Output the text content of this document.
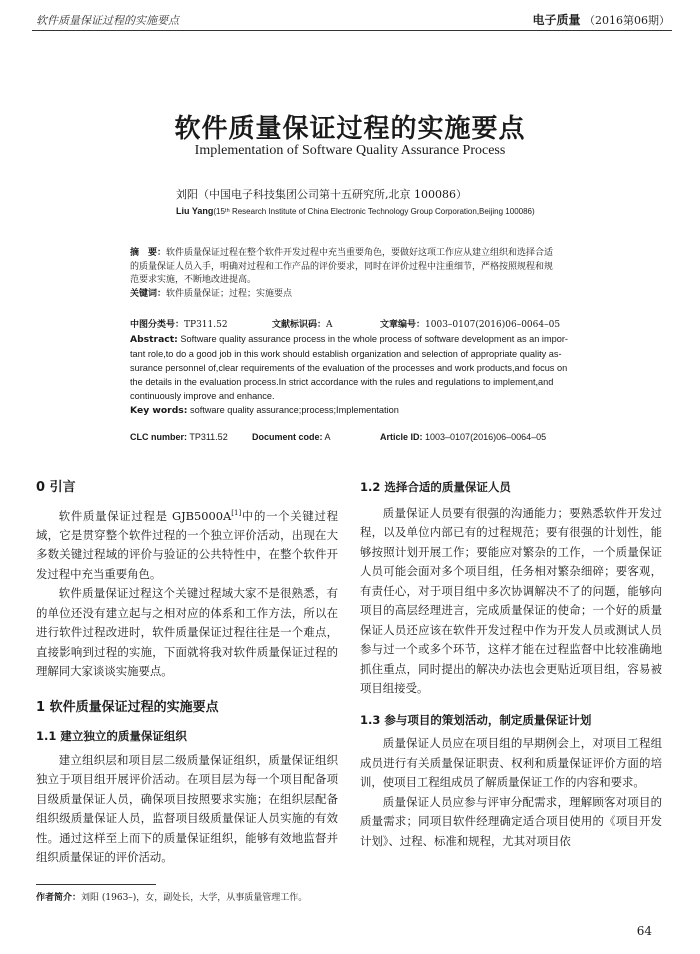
软件质量保证过程的实施要点	电子质量 （2016第06期）
软件质量保证过程的实施要点
Implementation of Software Quality Assurance Process
刘阳（中国电子科技集团公司第十五研究所,北京 100086）
Liu Yang(15ᵗʰ Research Institute of China Electronic Technology Group Corporation,Beijing 100086)
摘　要：软件质量保证过程在整个软件开发过程中充当重要角色，要做好这项工作应从建立组织和选择合适
的质量保证人员入手，明确对过程和工作产品的评价要求，同时在评价过程中注重细节，严格按照规程和规
范要求实施，不断地改进提高。
关键词：软件质量保证；过程；实施要点
中图分类号：TP311.52	文献标识码：A	文章编号：1003–0107(2016)06–0064–05
Abstract: Software quality assurance process in the whole process of software development as an impor-
tant role,to do a good job in this work should establish organization and selection of appropriate quality as-
surance personnel of,clear requirements of the evaluation of the processes and work products,and focus on
the details in the evaluation process.In strict accordance with the rules and regulations to implement,and
continuously improve and enhance.
Key words: software quality assurance;process;Implementation
CLC number: TP311.52	Document code: A	Article ID: 1003–0107(2016)06–0064–05
0 引言

软件质量保证过程是 GJB5000A[1]中的一个关键过程域，它是贯穿整个软件过程的一个独立评价活动，出现在大多数关键过程域的评价与验证的公共特性中，在整个软件开发过程中充当重要角色。

软件质量保证过程这个关键过程域大家不是很熟悉，有的单位还没有建立起与之相对应的体系和工作方法，所以在进行软件过程改进时，软件质量保证过程往往是一个难点，直接影响到过程的实施，下面就将我对软件质量保证过程的理解同大家谈谈实施要点。

1 软件质量保证过程的实施要点
1.1 建立独立的质量保证组织

建立组织层和项目层二级质量保证组织，质量保证组织独立于项目组开展评价活动。在项目层为每一个项目配备项目级质量保证人员，确保项目按照要求实施；在组织层配备组织级质量保证人员，监督项目级质量保证人员实施的有效性。通过这样至上而下的质量保证组织，能够有效地监督并组织质量保证的评价活动。

1.2 选择合适的质量保证人员

质量保证人员要有很强的沟通能力；要熟悉软件开发过程，以及单位内部已有的过程规范；要有很强的计划性，能够按照计划开展工作；要能应对繁杂的工作，一个质量保证人员可能会面对多个项目组，任务相对繁杂细碎；要客观，有责任心，对于项目组中多次协调解决不了的问题，能够向项目的高层经理进言，完成质量保证的使命；一个好的质量保证人员还应该在软件开发过程中作为开发人员或测试人员参与过一个或多个环节，这样才能在过程监督中比较准确地抓住重点，同时提出的解决办法也会更贴近项目组，容易被项目组接受。

1.3 参与项目的策划活动，制定质量保证计划

质量保证人员应在项目组的早期例会上，对项目工程组成员进行有关质量保证职责、权利和质量保证评价方面的培训，使项目工程组成员了解质量保证工作的内容和要求。

质量保证人员应参与评审分配需求，理解顾客对项目的质量需求；同项目软件经理确定适合项目使用的《项目开发计划》、过程、标准和规程，尤其对项目依

作者简介：刘阳 (1963–)，女，副处长，大学，从事质量管理工作。
64
